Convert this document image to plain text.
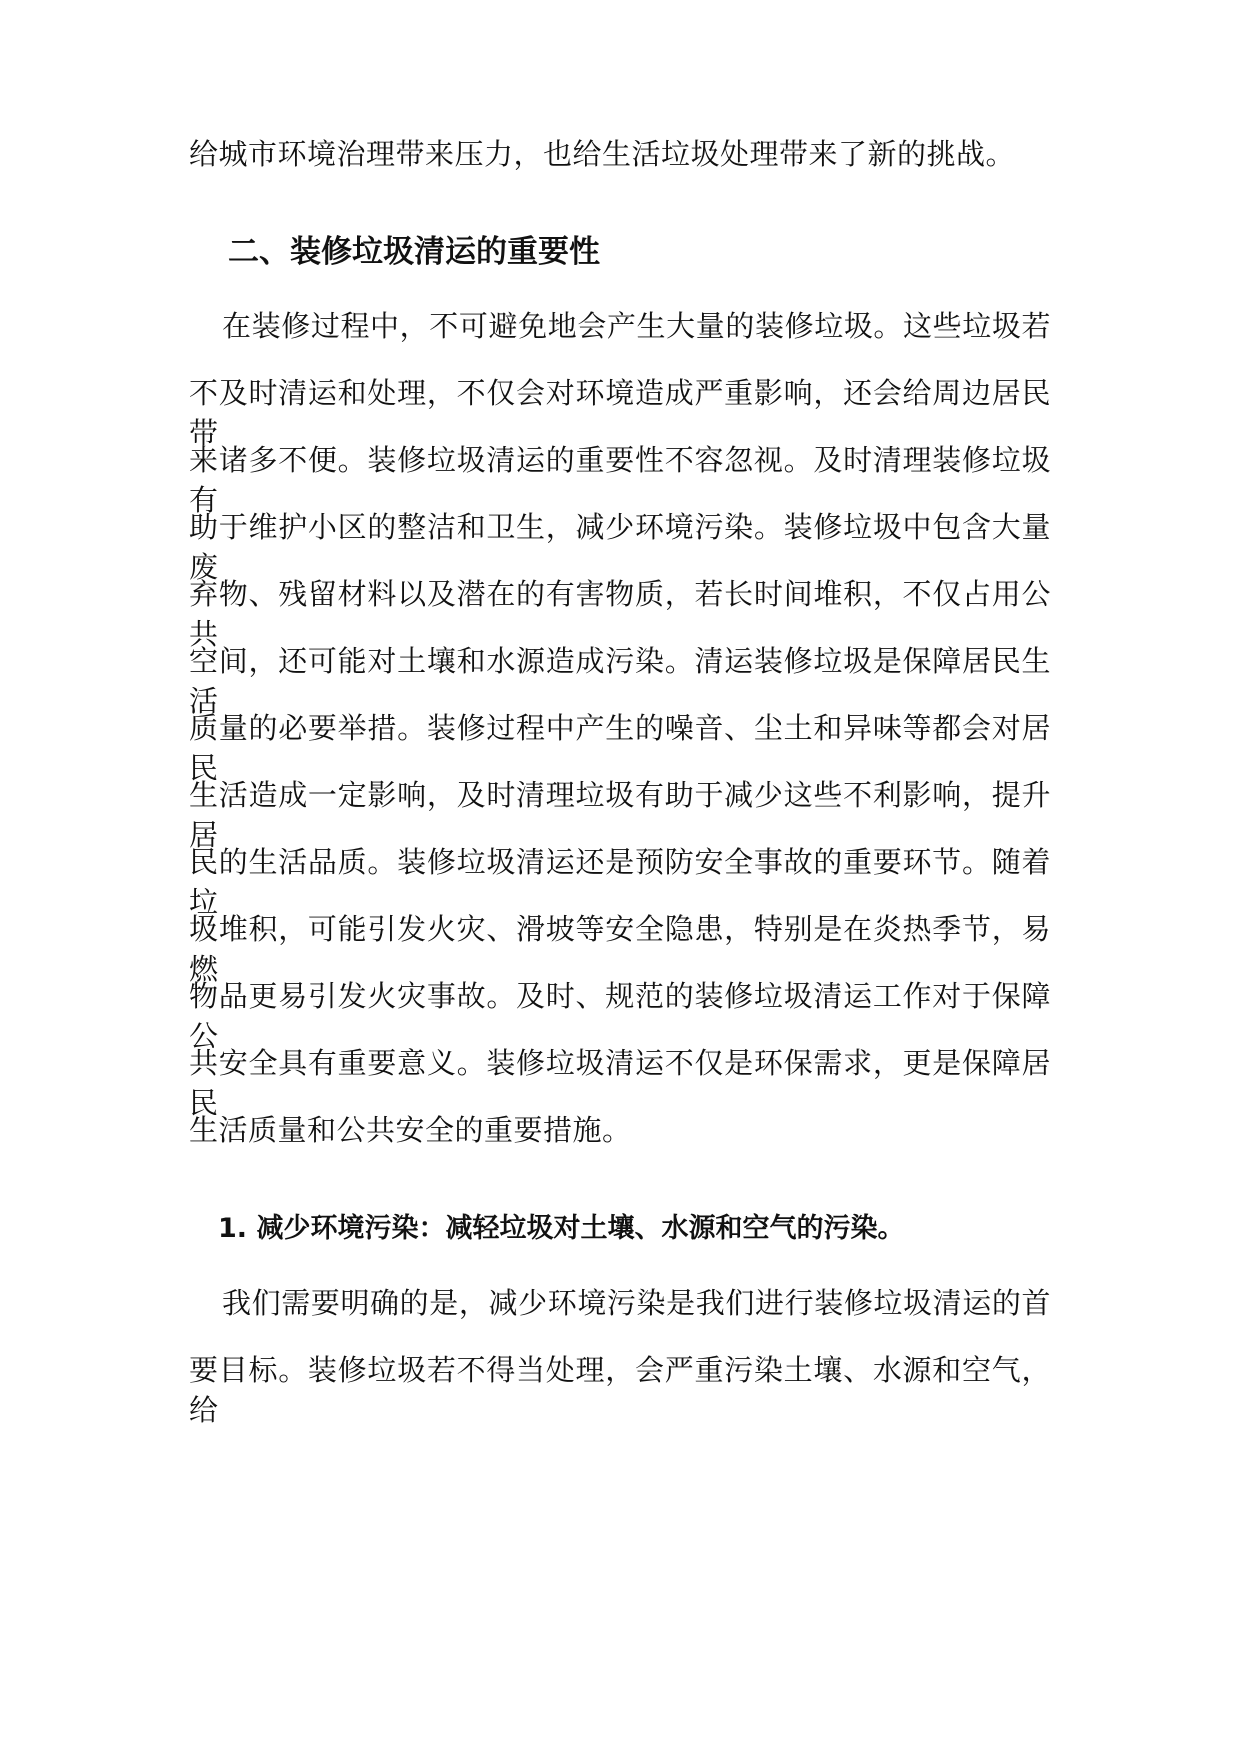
给城市环境治理带来压力，也给生活垃圾处理带来了新的挑战。
二、装修垃圾清运的重要性
在装修过程中，不可避免地会产生大量的装修垃圾。这些垃圾若
不及时清运和处理，不仅会对环境造成严重影响，还会给周边居民带
来诸多不便。装修垃圾清运的重要性不容忽视。及时清理装修垃圾有
助于维护小区的整洁和卫生，减少环境污染。装修垃圾中包含大量废
弃物、残留材料以及潜在的有害物质，若长时间堆积，不仅占用公共
空间，还可能对土壤和水源造成污染。清运装修垃圾是保障居民生活
质量的必要举措。装修过程中产生的噪音、尘土和异味等都会对居民
生活造成一定影响，及时清理垃圾有助于减少这些不利影响，提升居
民的生活品质。装修垃圾清运还是预防安全事故的重要环节。随着垃
圾堆积，可能引发火灾、滑坡等安全隐患，特别是在炎热季节，易燃
物品更易引发火灾事故。及时、规范的装修垃圾清运工作对于保障公
共安全具有重要意义。装修垃圾清运不仅是环保需求，更是保障居民
生活质量和公共安全的重要措施。
1. 减少环境污染：减轻垃圾对土壤、水源和空气的污染。
我们需要明确的是，减少环境污染是我们进行装修垃圾清运的首
要目标。装修垃圾若不得当处理，会严重污染土壤、水源和空气，给
